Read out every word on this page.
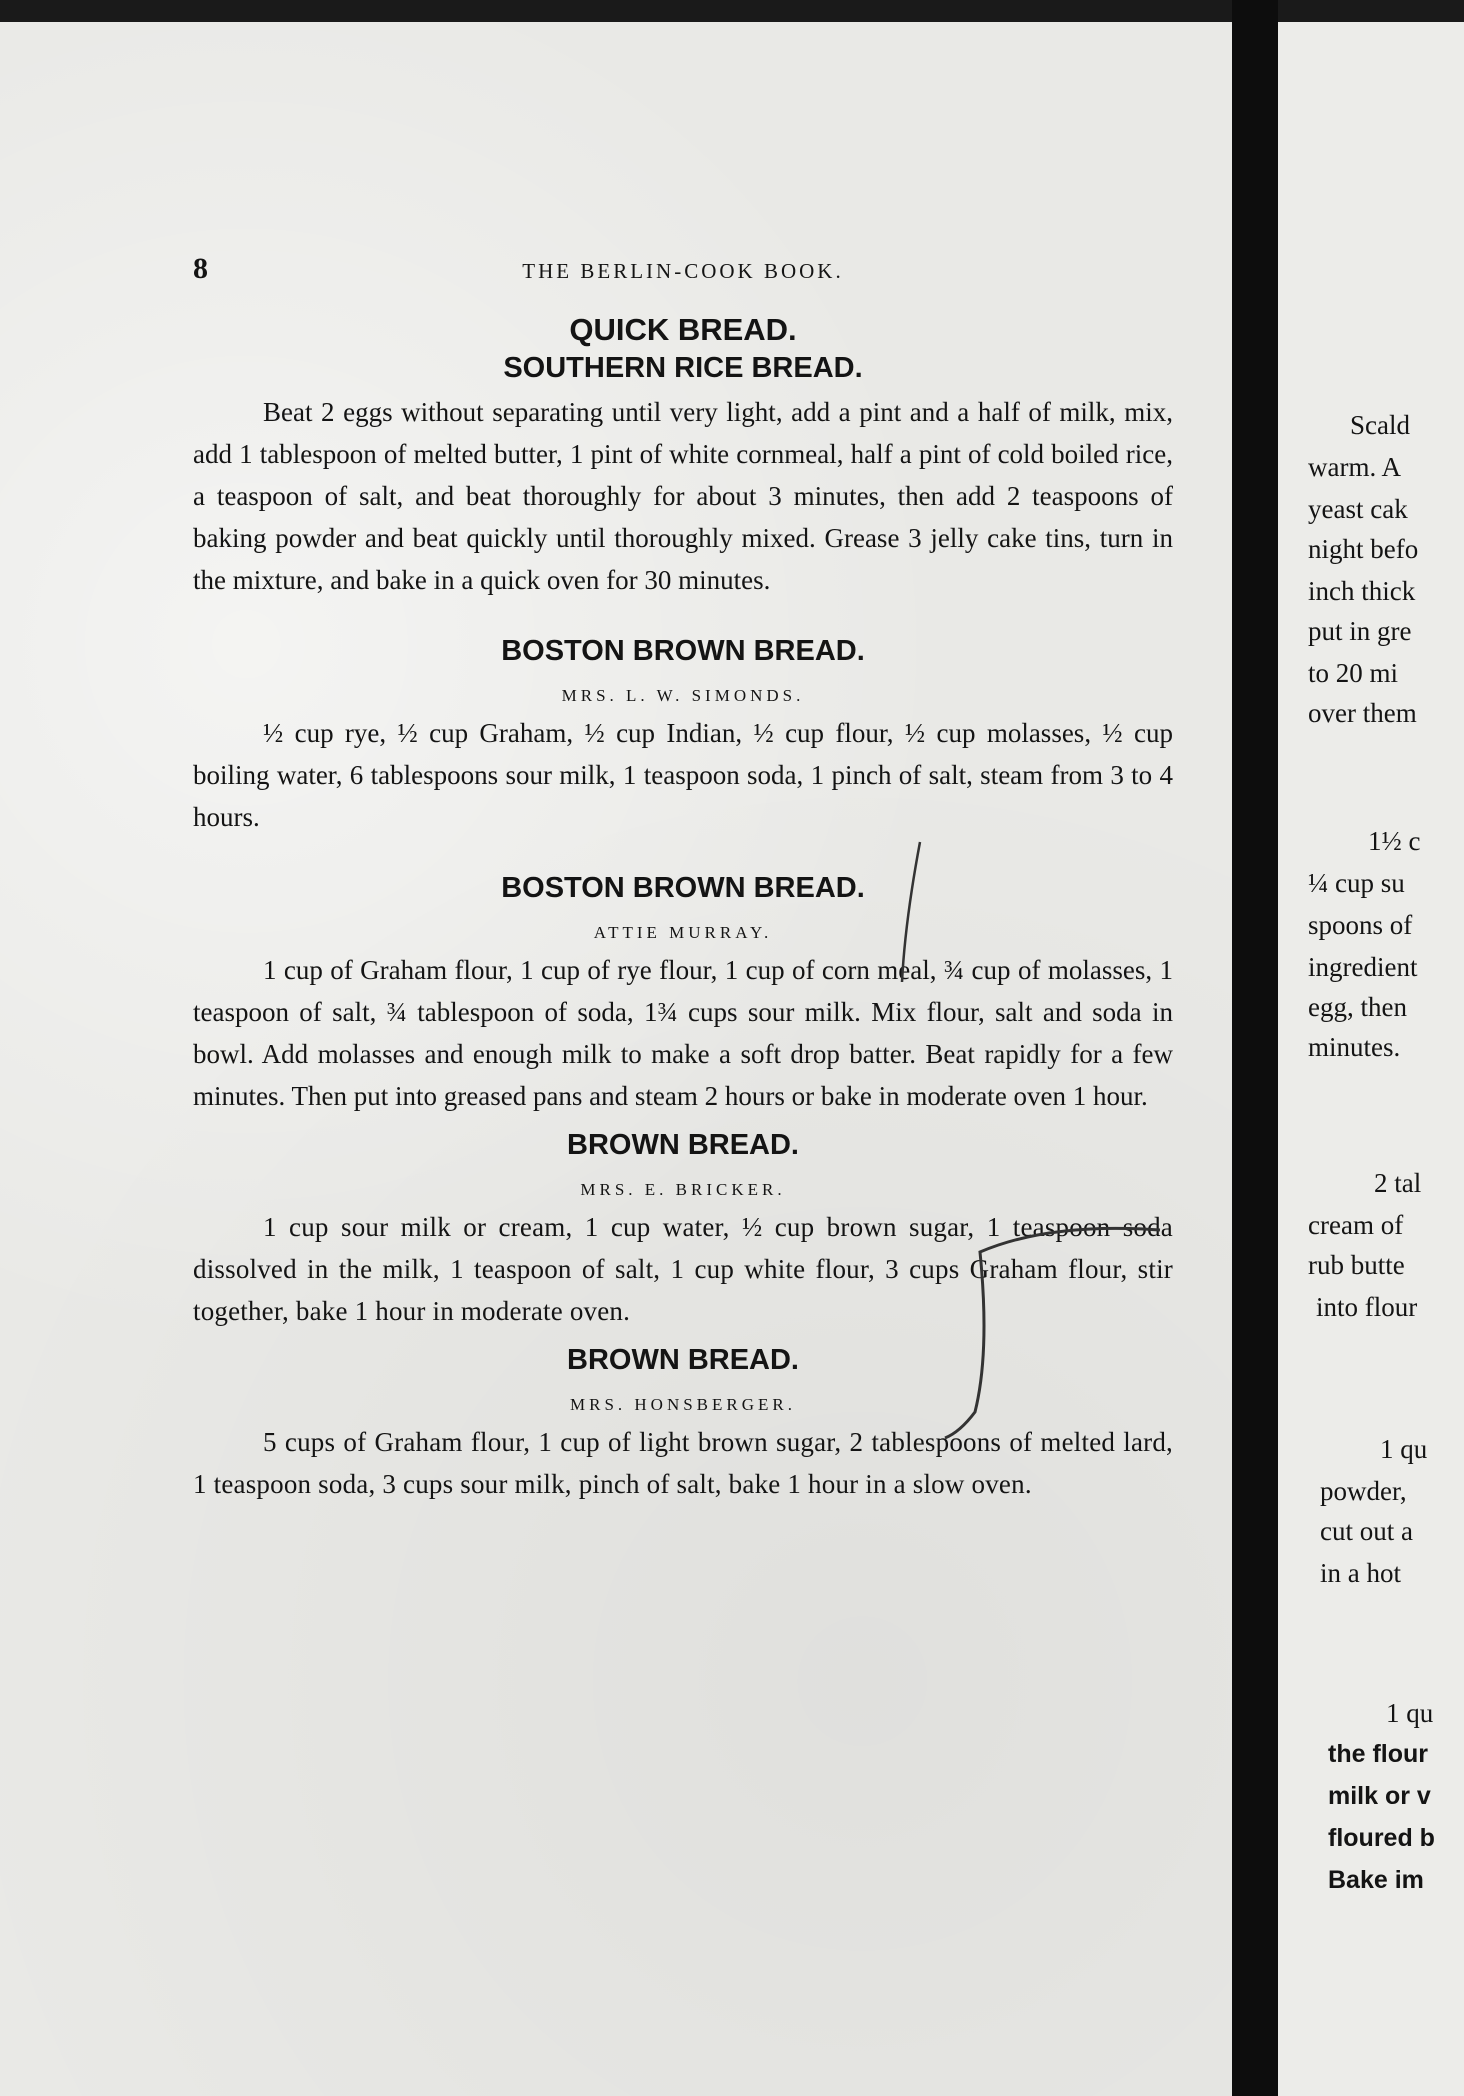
8	THE BERLIN-COOK BOOK.
QUICK BREAD.
SOUTHERN RICE BREAD.

Beat 2 eggs without separating until very light, add a pint and a half of milk, mix, add 1 tablespoon of melted butter, 1 pint of white cornmeal, half a pint of cold boiled rice, a teaspoon of salt, and beat thoroughly for about 3 minutes, then add 2 teaspoons of baking powder and beat quickly until thoroughly mixed. Grease 3 jelly cake tins, turn in the mixture, and bake in a quick oven for 30 minutes.

BOSTON BROWN BREAD.
MRS. L. W. SIMONDS.

½ cup rye, ½ cup Graham, ½ cup Indian, ½ cup flour, ½ cup molasses, ½ cup boiling water, 6 tablespoons sour milk, 1 teaspoon soda, 1 pinch of salt, steam from 3 to 4 hours.

BOSTON BROWN BREAD.
ATTIE MURRAY.

1 cup of Graham flour, 1 cup of rye flour, 1 cup of corn meal, ¾ cup of molasses, 1 teaspoon of salt, ¾ tablespoon of soda, 1¾ cups sour milk. Mix flour, salt and soda in bowl. Add molasses and enough milk to make a soft drop batter. Beat rapidly for a few minutes. Then put into greased pans and steam 2 hours or bake in moderate oven 1 hour.

BROWN BREAD.
MRS. E. BRICKER.

1 cup sour milk or cream, 1 cup water, ½ cup brown sugar, 1 teaspoon soda dissolved in the milk, 1 teaspoon of salt, 1 cup white flour, 3 cups Graham flour, stir together, bake 1 hour in moderate oven.

BROWN BREAD.
MRS. HONSBERGER.

5 cups of Graham flour, 1 cup of light brown sugar, 2 tablespoons of melted lard, 1 teaspoon soda, 3 cups sour milk, pinch of salt, bake 1 hour in a slow oven.

Scald
warm. A
yeast cak
night befo
inch thick
put in gre
to 20 mi
over them
1½ c
¼ cup su
spoons of
ingredient
egg, then
minutes.
2 tal
cream of
rub butte
into flour
1 qu
powder,
cut out a
in a hot
1 qu
the flour
milk or v
floured b
Bake im
